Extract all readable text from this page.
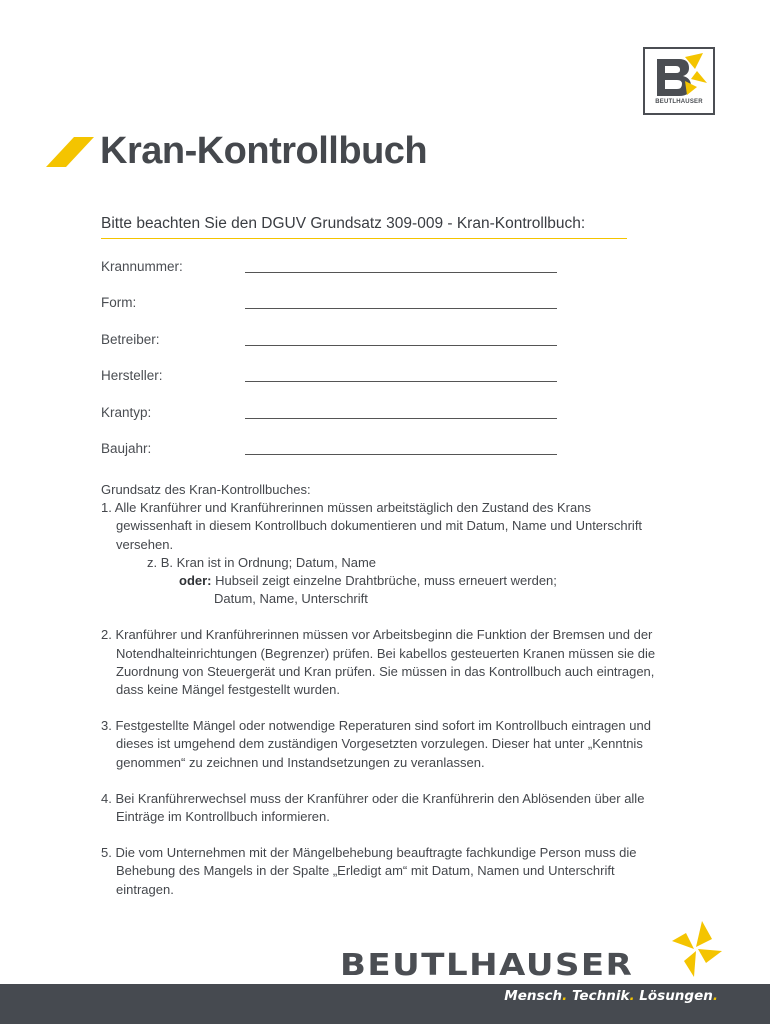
BEUTLHAUSER
Kran-Kontrollbuch
Bitte beachten Sie den DGUV Grundsatz 309-009 - Kran-Kontrollbuch:
Krannummer:
Form:
Betreiber:
Hersteller:
Krantyp:
Baujahr:

Grundsatz des Kran-Kontrollbuches:

1. Alle Kranführer und Kranführerinnen müssen arbeitstäglich den Zustand des Krans gewissenhaft in diesem Kontrollbuch dokumentieren und mit Datum, Name und Unterschrift versehen.

z. B. Kran ist in Ordnung; Datum, Name

oder: Hubseil zeigt einzelne Drahtbrüche, muss erneuert werden;

Datum, Name, Unterschrift

2. Kranführer und Kranführerinnen müssen vor Arbeitsbeginn die Funktion der Bremsen und der Notendhalteinrichtungen (Begrenzer) prüfen. Bei kabellos gesteuerten Kranen müssen sie die Zuordnung von Steuergerät und Kran prüfen. Sie müssen in das Kontrollbuch auch eintragen, dass keine Mängel festgestellt wurden.

3. Festgestellte Mängel oder notwendige Reperaturen sind sofort im Kontrollbuch eintragen und dieses ist umgehend dem zuständigen Vorgesetzten vorzulegen. Dieser hat unter „Kenntnis genommen“ zu zeichnen und Instandsetzungen zu veranlassen.

4. Bei Kranführerwechsel muss der Kranführer oder die Kranführerin den Ablösenden über alle Einträge im Kontrollbuch informieren.

5. Die vom Unternehmen mit der Mängelbehebung beauftragte fachkundige Person muss die Behebung des Mangels in der Spalte „Erledigt am“ mit Datum, Namen und Unterschrift eintragen.

BEUTLHAUSER
Mensch. Technik. Lösungen.
